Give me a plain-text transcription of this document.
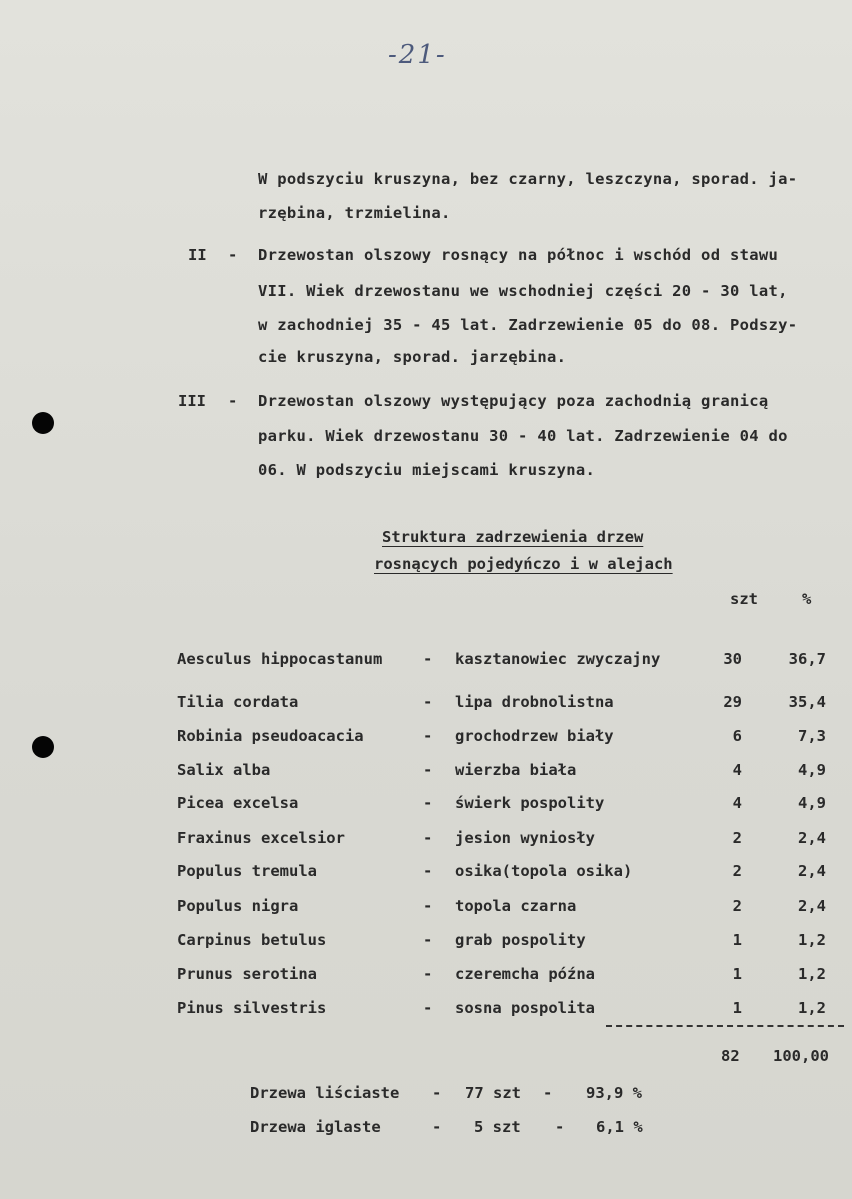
-21-
W podszyciu kruszyna, bez czarny, leszczyna, sporad. ja-
rzębina, trzmielina.
II - Drzewostan olszowy rosnący na północ i wschód od stawu
VII. Wiek drzewostanu we wschodniej części 20 - 30 lat,
w zachodniej 35 - 45 lat. Zadrzewienie 05 do 08. Podszy-
cie kruszyna, sporad. jarzębina.
III - Drzewostan olszowy występujący poza zachodnią granicą
parku. Wiek drzewostanu 30 - 40 lat. Zadrzewienie 04 do
06. W podszyciu miejscami kruszyna.
Struktura zadrzewienia drzew
rosnących pojedyńczo i w alejach
szt	%
Aesculus hippocastanum	- kasztanowiec zwyczajny	30	36,7
Tilia cordata	- lipa drobnolistna	29	35,4
Robinia pseudoacacia	- grochodrzew biały	6	7,3
Salix alba	- wierzba biała	4	4,9
Picea excelsa	- świerk pospolity	4	4,9
Fraxinus excelsior	- jesion wyniosły	2	2,4
Populus tremula	- osika(topola osika)	2	2,4
Populus nigra	- topola czarna	2	2,4
Carpinus betulus	- grab pospolity	1	1,2
Prunus serotina	- czeremcha późna	1	1,2
Pinus silvestris	- sosna pospolita	1	1,2
82 100,00
Drzewa liściaste - 77 szt - 93,9 %
Drzewa iglaste	- 5 szt - 6,1 %
